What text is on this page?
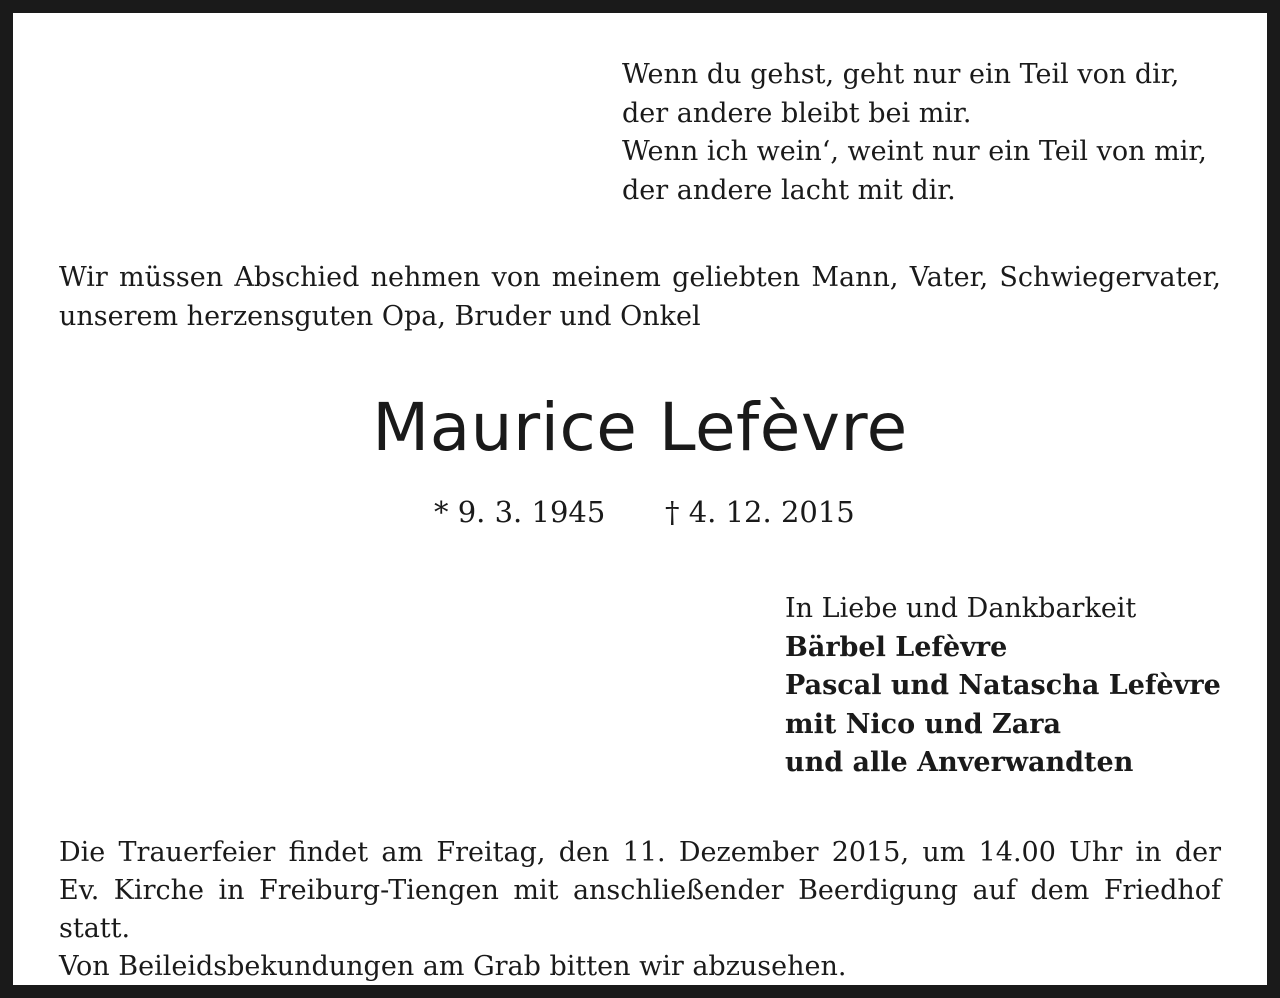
Wenn du gehst, geht nur ein Teil von dir,
der andere bleibt bei mir.
Wenn ich wein‘, weint nur ein Teil von mir,
der andere lacht mit dir.
Wir müssen Abschied nehmen von meinem geliebten Mann, Vater, Schwiegervater,
unserem herzensguten Opa, Bruder und Onkel
Maurice Lefèvre
* 9. 3. 1945 † 4. 12. 2015
In Liebe und Dankbarkeit
Bärbel Lefèvre
Pascal und Natascha Lefèvre
mit Nico und Zara
und alle Anverwandten
Die Trauerfeier findet am Freitag, den 11. Dezember 2015, um 14.00 Uhr in der
Ev. Kirche in Freiburg-Tiengen mit anschließender Beerdigung auf dem Friedhof statt.
Von Beileidsbekundungen am Grab bitten wir abzusehen.
